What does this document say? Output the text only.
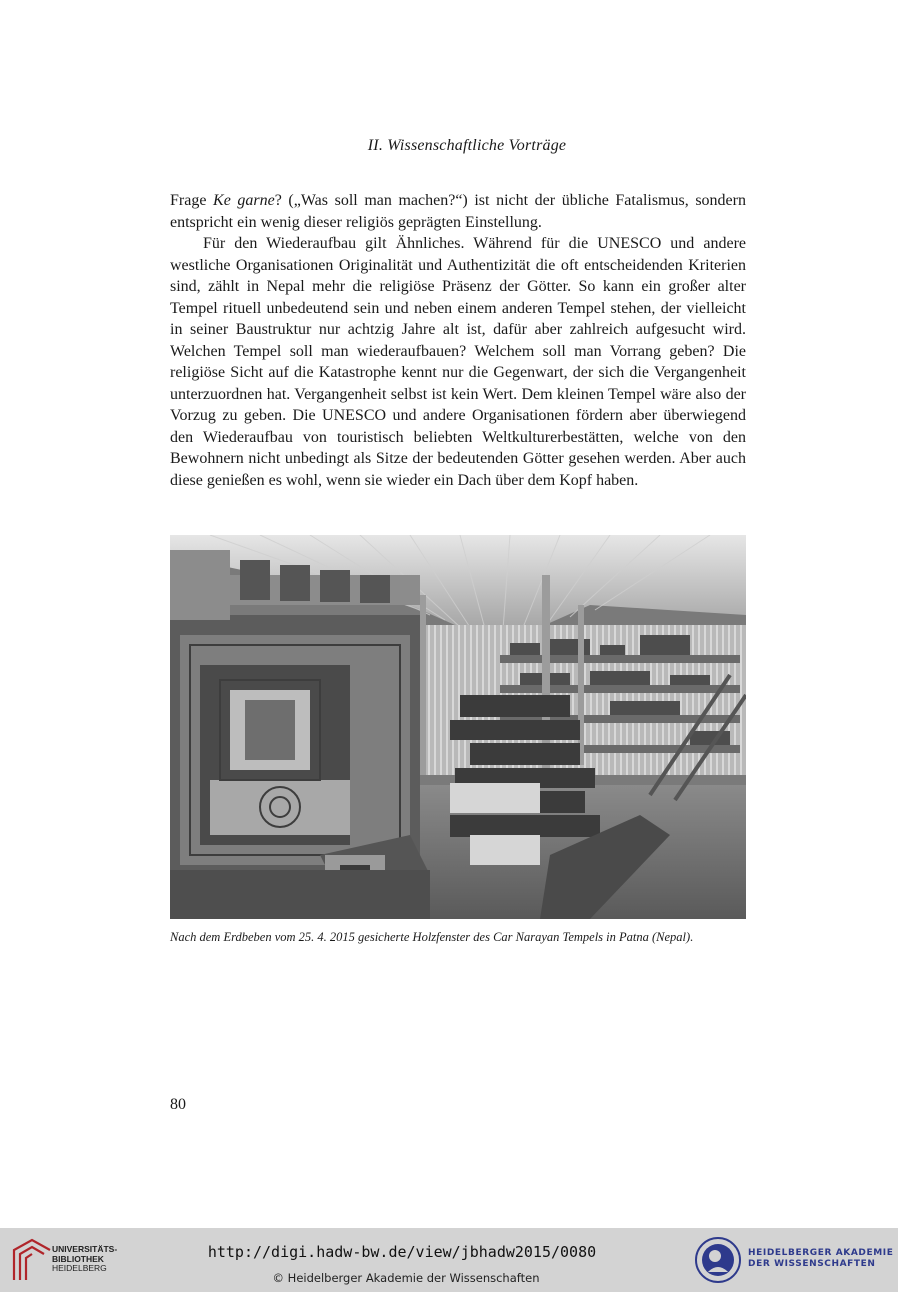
II. Wissenschaftliche Vorträge

Frage Ke garne? („Was soll man machen?“) ist nicht der übliche Fatalismus, sondern entspricht ein wenig dieser religiös geprägten Einstellung.

Für den Wiederaufbau gilt Ähnliches. Während für die UNESCO und andere westliche Organisationen Originalität und Authentizität die oft entscheidenden Kriterien sind, zählt in Nepal mehr die religiöse Präsenz der Götter. So kann ein großer alter Tempel rituell unbedeutend sein und neben einem anderen Tempel stehen, der vielleicht in seiner Baustruktur nur achtzig Jahre alt ist, dafür aber zahlreich aufgesucht wird. Welchen Tempel soll man wiederaufbauen? Welchem soll man Vorrang geben? Die religiöse Sicht auf die Katastrophe kennt nur die Gegenwart, der sich die Vergangenheit unterzuordnen hat. Vergangenheit selbst ist kein Wert. Dem kleinen Tempel wäre also der Vorzug zu geben. Die UNESCO und andere Organisationen fördern aber überwiegend den Wiederaufbau von touristisch beliebten Weltkulturerbestätten, welche von den Bewohnern nicht unbedingt als Sitze der bedeutenden Götter gesehen werden. Aber auch diese genießen es wohl, wenn sie wieder ein Dach über dem Kopf haben.

Nach dem Erdbeben vom 25. 4. 2015 gesicherte Holzfenster des Car Narayan Tempels in Patna (Nepal).
80
UNIVERSITÄTS-
BIBLIOTHEK
HEIDELBERG
http://digi.hadw-bw.de/view/jbhadw2015/0080
© Heidelberger Akademie der Wissenschaften
HEIDELBERGER AKADEMIE
DER WISSENSCHAFTEN
